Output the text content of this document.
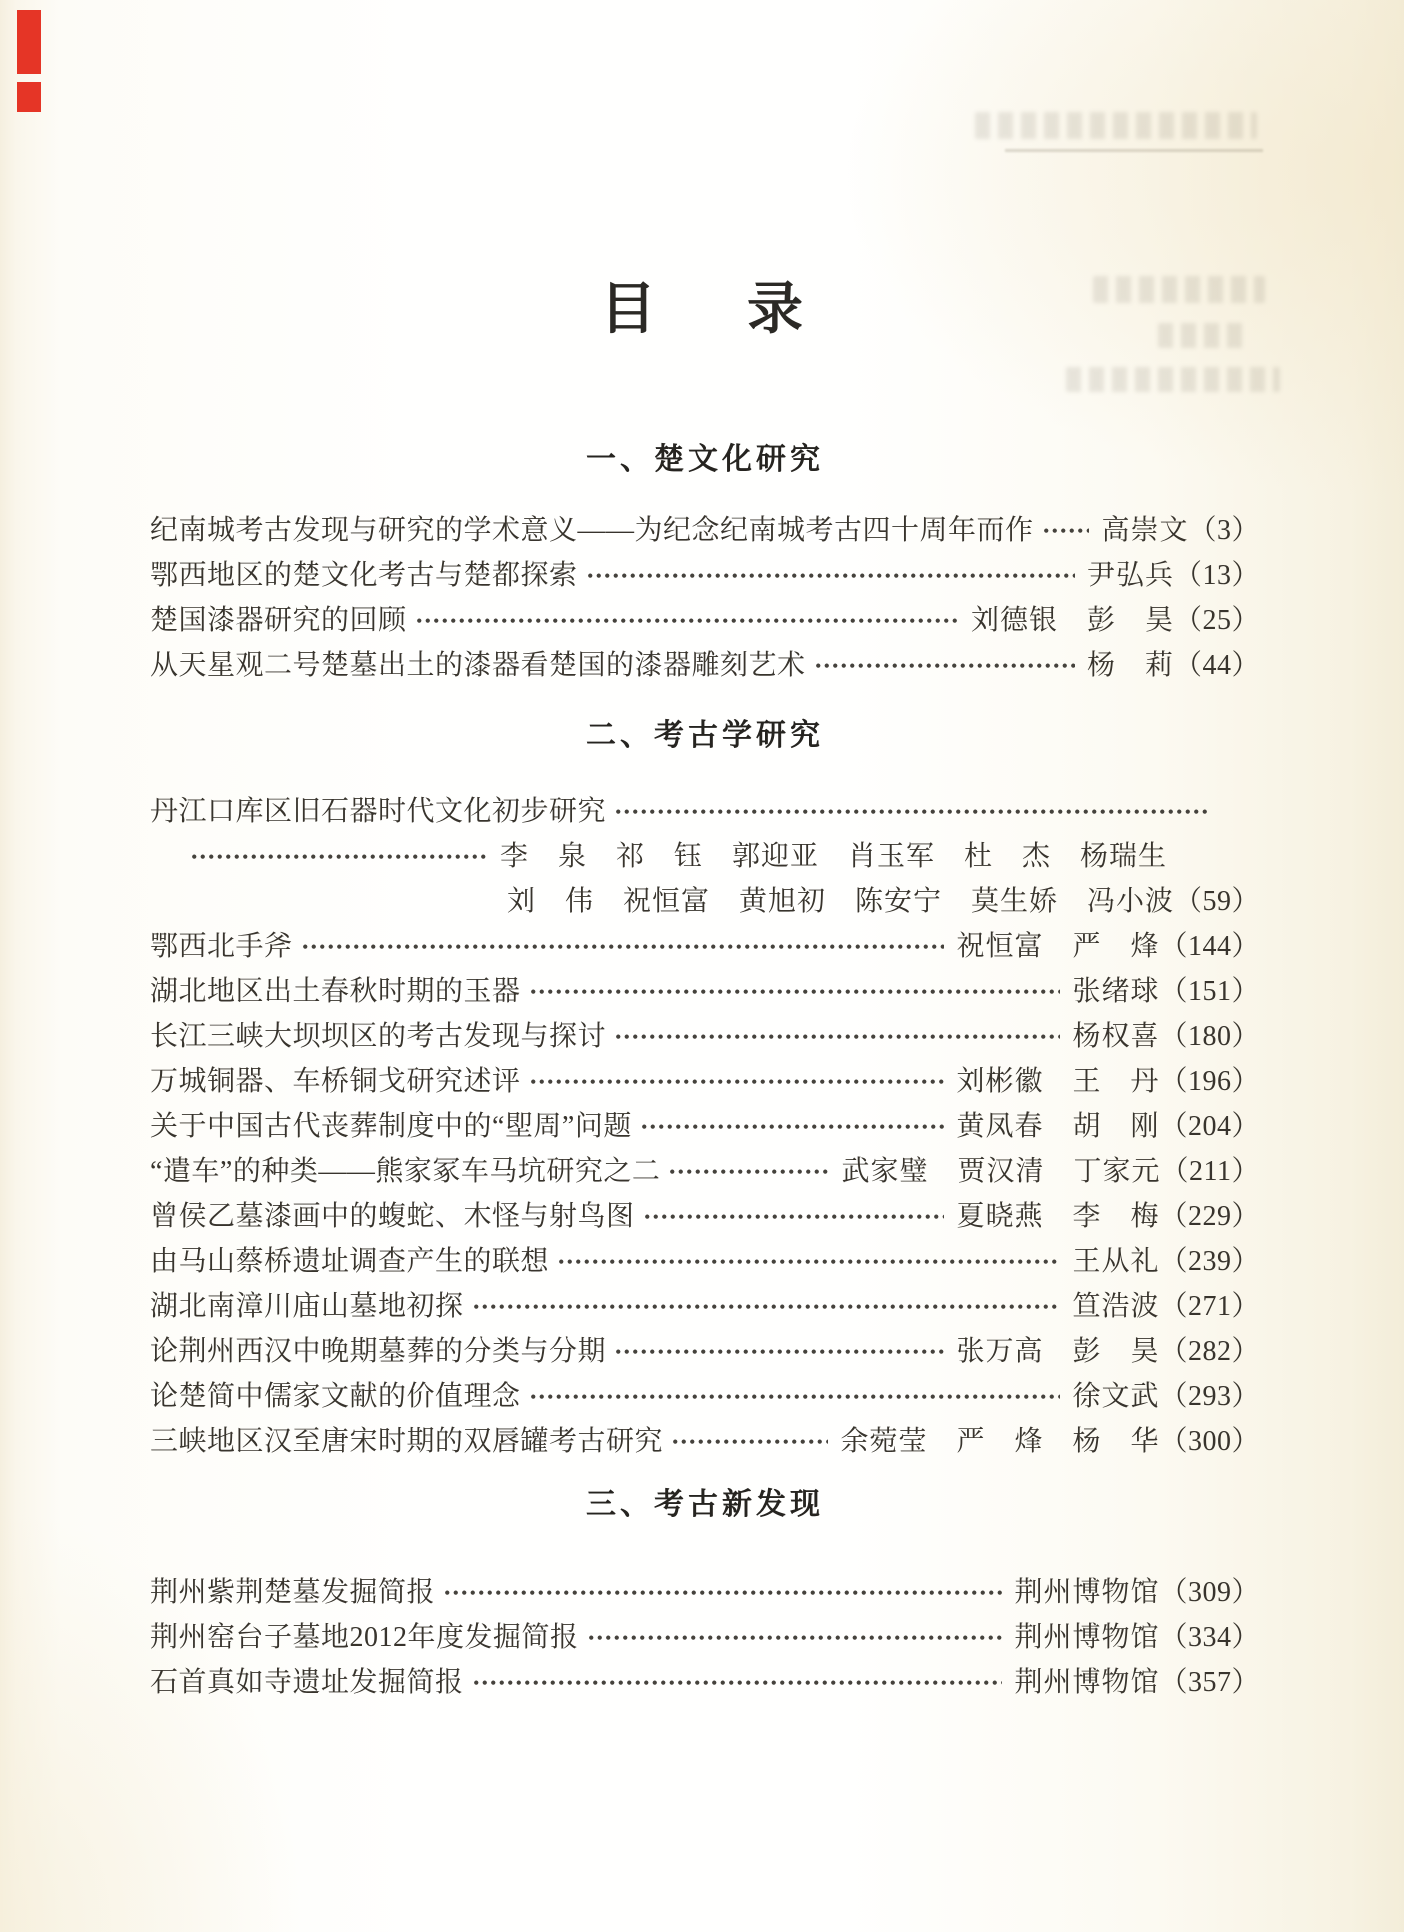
目 录
一、楚文化研究
纪南城考古发现与研究的学术意义——为纪念纪南城考古四十周年而作 高崇文 （3）
鄂西地区的楚文化考古与楚都探索	尹弘兵 （13）
楚国漆器研究的回顾	刘德银　彭　昊 （25）
从天星观二号楚墓出土的漆器看楚国的漆器雕刻艺术	杨　莉 （44）
二、考古学研究
丹江口库区旧石器时代文化初步研究
李　泉　祁　钰　郭迎亚　肖玉军　杜　杰　杨瑞生
刘　伟　祝恒富　黄旭初　陈安宁　莫生娇　冯小波 （59）
鄂西北手斧	祝恒富　严　烽 （144）
湖北地区出土春秋时期的玉器	张绪球 （151）
长江三峡大坝坝区的考古发现与探讨	杨权喜 （180）
万城铜器、车桥铜戈研究述评	刘彬徽　王　丹 （196）
关于中国古代丧葬制度中的“堲周”问题	黄凤春　胡　刚 （204）
“遣车”的种类——熊家冢车马坑研究之二	武家璧　贾汉清　丁家元 （211）
曾侯乙墓漆画中的蝮蛇、木怪与射鸟图	夏晓燕　李　梅 （229）
由马山蔡桥遗址调查产生的联想	王从礼 （239）
湖北南漳川庙山墓地初探	笪浩波 （271）
论荆州西汉中晚期墓葬的分类与分期	张万高　彭　昊 （282）
论楚简中儒家文献的价值理念	徐文武 （293）
三峡地区汉至唐宋时期的双唇罐考古研究	余菀莹　严　烽　杨　华 （300）
三、考古新发现
荆州紫荆楚墓发掘简报	荆州博物馆 （309）
荆州窑台子墓地2012年度发掘简报	荆州博物馆 （334）
石首真如寺遗址发掘简报	荆州博物馆 （357）
